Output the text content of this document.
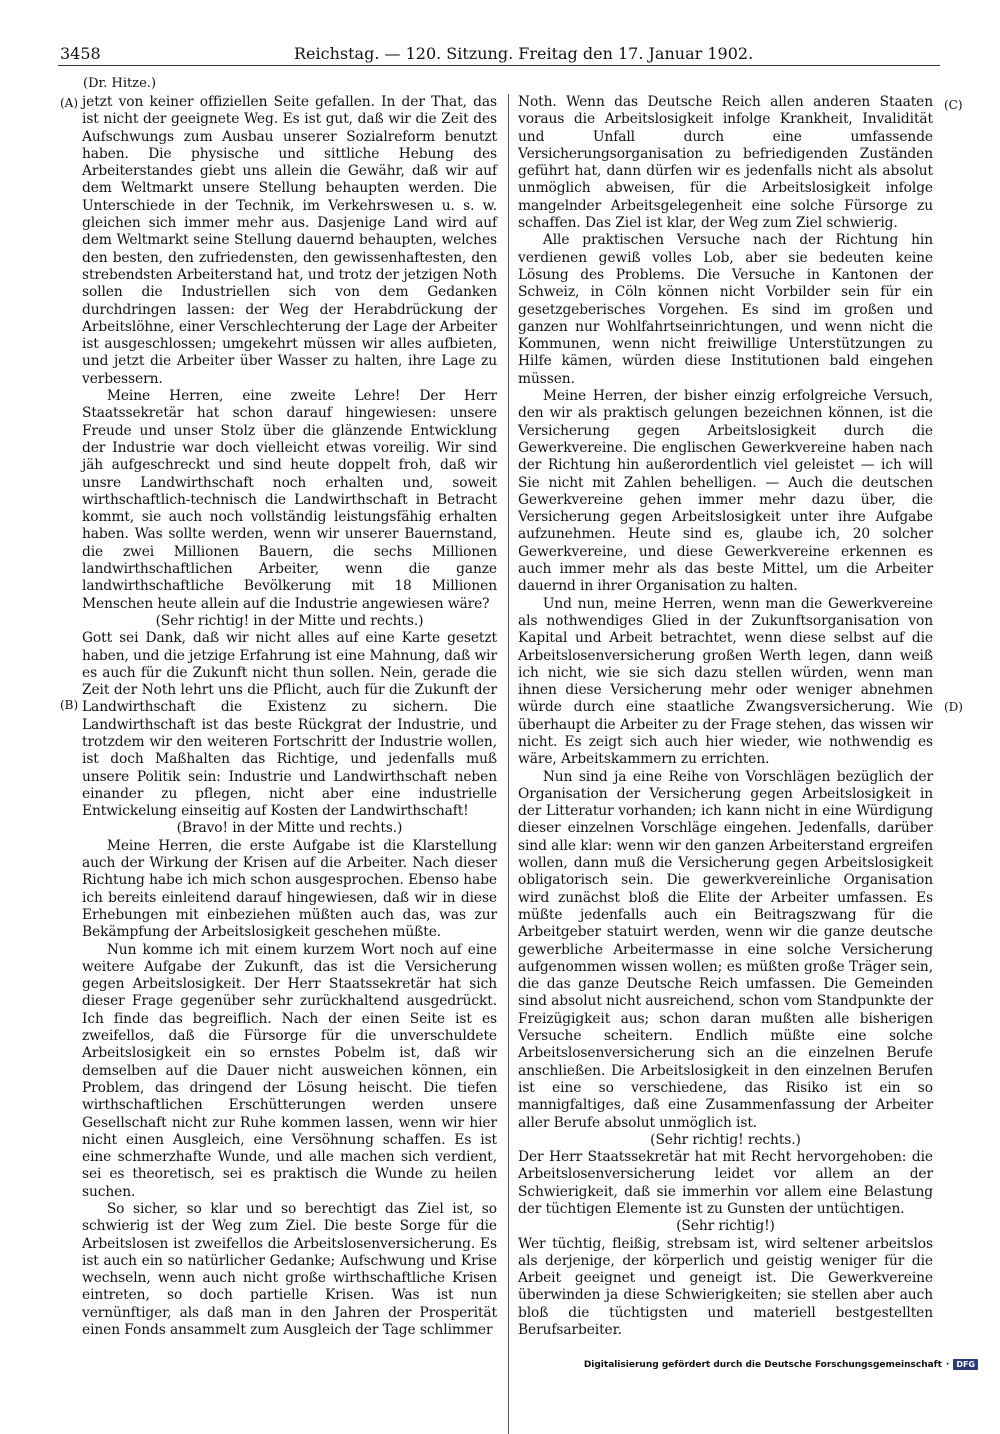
3458	Reichstag. — 120. Sitzung. Freitag den 17. Januar 1902.
(Dr. Hitze.)
(A)
(B)
(C)
(D)

jetzt von keiner offiziellen Seite gefallen. In der That, das ist nicht der geeignete Weg. Es ist gut, daß wir die Zeit des Aufschwungs zum Ausbau unserer Sozialreform benutzt haben. Die physische und sittliche Hebung des Arbeiterstandes giebt uns allein die Gewähr, daß wir auf dem Weltmarkt unsere Stellung behaupten werden. Die Unterschiede in der Technik, im Verkehrswesen u. s. w. gleichen sich immer mehr aus. Dasjenige Land wird auf dem Weltmarkt seine Stellung dauernd behaupten, welches den besten, den zufriedensten, den gewissenhaftesten, den strebendsten Arbeiterstand hat, und trotz der jetzigen Noth sollen die Industriellen sich von dem Gedanken durchdringen lassen: der Weg der Herabdrückung der Arbeitslöhne, einer Verschlechterung der Lage der Arbeiter ist ausgeschlossen; umgekehrt müssen wir alles aufbieten, und jetzt die Arbeiter über Wasser zu halten, ihre Lage zu verbessern.

Meine Herren, eine zweite Lehre! Der Herr Staatssekretär hat schon darauf hingewiesen: unsere Freude und unser Stolz über die glänzende Entwicklung der Industrie war doch vielleicht etwas voreilig. Wir sind jäh aufgeschreckt und sind heute doppelt froh, daß wir unsre Landwirthschaft noch erhalten und, soweit wirthschaftlich-technisch die Landwirthschaft in Betracht kommt, sie auch noch vollständig leistungsfähig erhalten haben. Was sollte werden, wenn wir unserer Bauernstand, die zwei Millionen Bauern, die sechs Millionen landwirthschaftlichen Arbeiter, wenn die ganze landwirthschaftliche Bevölkerung mit 18 Millionen Menschen heute allein auf die Industrie angewiesen wäre?

(Sehr richtig! in der Mitte und rechts.)

Gott sei Dank, daß wir nicht alles auf eine Karte gesetzt haben, und die jetzige Erfahrung ist eine Mahnung, daß wir es auch für die Zukunft nicht thun sollen. Nein, gerade die Zeit der Noth lehrt uns die Pflicht, auch für die Zukunft der Landwirthschaft die Existenz zu sichern. Die Landwirthschaft ist das beste Rückgrat der Industrie, und trotzdem wir den weiteren Fortschritt der Industrie wollen, ist doch Maßhalten das Richtige, und jedenfalls muß unsere Politik sein: Industrie und Landwirthschaft neben einander zu pflegen, nicht aber eine industrielle Entwickelung einseitig auf Kosten der Landwirthschaft!

(Bravo! in der Mitte und rechts.)

Meine Herren, die erste Aufgabe ist die Klarstellung auch der Wirkung der Krisen auf die Arbeiter. Nach dieser Richtung habe ich mich schon ausgesprochen. Ebenso habe ich bereits einleitend darauf hingewiesen, daß wir in diese Erhebungen mit einbeziehen müßten auch das, was zur Bekämpfung der Arbeitslosigkeit geschehen müßte.

Nun komme ich mit einem kurzem Wort noch auf eine weitere Aufgabe der Zukunft, das ist die Versicherung gegen Arbeitslosigkeit. Der Herr Staatssekretär hat sich dieser Frage gegenüber sehr zurückhaltend ausgedrückt. Ich finde das begreiflich. Nach der einen Seite ist es zweifellos, daß die Fürsorge für die unverschuldete Arbeitslosigkeit ein so ernstes Pobelm ist, daß wir demselben auf die Dauer nicht ausweichen können, ein Problem, das dringend der Lösung heischt. Die tiefen wirthschaftlichen Erschütterungen werden unsere Gesellschaft nicht zur Ruhe kommen lassen, wenn wir hier nicht einen Ausgleich, eine Versöhnung schaffen. Es ist eine schmerzhafte Wunde, und alle machen sich verdient, sei es theoretisch, sei es praktisch die Wunde zu heilen suchen.

So sicher, so klar und so berechtigt das Ziel ist, so schwierig ist der Weg zum Ziel. Die beste Sorge für die Arbeitslosen ist zweifellos die Arbeitslosenversicherung. Es ist auch ein so natürlicher Gedanke; Aufschwung und Krise wechseln, wenn auch nicht große wirthschaftliche Krisen eintreten, so doch partielle Krisen. Was ist nun vernünftiger, als daß man in den Jahren der Prosperität einen Fonds ansammelt zum Ausgleich der Tage schlimmer

Noth. Wenn das Deutsche Reich allen anderen Staaten voraus die Arbeitslosigkeit infolge Krankheit, Invalidität und Unfall durch eine umfassende Versicherungsorganisation zu befriedigenden Zuständen geführt hat, dann dürfen wir es jedenfalls nicht als absolut unmöglich abweisen, für die Arbeitslosigkeit infolge mangelnder Arbeitsgelegenheit eine solche Fürsorge zu schaffen. Das Ziel ist klar, der Weg zum Ziel schwierig.

Alle praktischen Versuche nach der Richtung hin verdienen gewiß volles Lob, aber sie bedeuten keine Lösung des Problems. Die Versuche in Kantonen der Schweiz, in Cöln können nicht Vorbilder sein für ein gesetzgeberisches Vorgehen. Es sind im großen und ganzen nur Wohlfahrtseinrichtungen, und wenn nicht die Kommunen, wenn nicht freiwillige Unterstützungen zu Hilfe kämen, würden diese Institutionen bald eingehen müssen.

Meine Herren, der bisher einzig erfolgreiche Versuch, den wir als praktisch gelungen bezeichnen können, ist die Versicherung gegen Arbeitslosigkeit durch die Gewerkvereine. Die englischen Gewerkvereine haben nach der Richtung hin außerordentlich viel geleistet — ich will Sie nicht mit Zahlen behelligen. — Auch die deutschen Gewerkvereine gehen immer mehr dazu über, die Versicherung gegen Arbeitslosigkeit unter ihre Aufgabe aufzunehmen. Heute sind es, glaube ich, 20 solcher Gewerkvereine, und diese Gewerkvereine erkennen es auch immer mehr als das beste Mittel, um die Arbeiter dauernd in ihrer Organisation zu halten.

Und nun, meine Herren, wenn man die Gewerkvereine als nothwendiges Glied in der Zukunftsorganisation von Kapital und Arbeit betrachtet, wenn diese selbst auf die Arbeitslosenversicherung großen Werth legen, dann weiß ich nicht, wie sie sich dazu stellen würden, wenn man ihnen diese Versicherung mehr oder weniger abnehmen würde durch eine staatliche Zwangsversicherung. Wie überhaupt die Arbeiter zu der Frage stehen, das wissen wir nicht. Es zeigt sich auch hier wieder, wie nothwendig es wäre, Arbeitskammern zu errichten.

Nun sind ja eine Reihe von Vorschlägen bezüglich der Organisation der Versicherung gegen Arbeitslosigkeit in der Litteratur vorhanden; ich kann nicht in eine Würdigung dieser einzelnen Vorschläge eingehen. Jedenfalls, darüber sind alle klar: wenn wir den ganzen Arbeiterstand ergreifen wollen, dann muß die Versicherung gegen Arbeitslosigkeit obligatorisch sein. Die gewerkvereinliche Organisation wird zunächst bloß die Elite der Arbeiter umfassen. Es müßte jedenfalls auch ein Beitragszwang für die Arbeitgeber statuirt werden, wenn wir die ganze deutsche gewerbliche Arbeitermasse in eine solche Versicherung aufgenommen wissen wollen; es müßten große Träger sein, die das ganze Deutsche Reich umfassen. Die Gemeinden sind absolut nicht ausreichend, schon vom Standpunkte der Freizügigkeit aus; schon daran mußten alle bisherigen Versuche scheitern. Endlich müßte eine solche Arbeitslosenversicherung sich an die einzelnen Berufe anschließen. Die Arbeitslosigkeit in den einzelnen Berufen ist eine so verschiedene, das Risiko ist ein so mannigfaltiges, daß eine Zusammenfassung der Arbeiter aller Berufe absolut unmöglich ist.

(Sehr richtig! rechts.)

Der Herr Staatssekretär hat mit Recht hervorgehoben: die Arbeitslosenversicherung leidet vor allem an der Schwierigkeit, daß sie immerhin vor allem eine Belastung der tüchtigen Elemente ist zu Gunsten der untüchtigen.

(Sehr richtig!)

Wer tüchtig, fleißig, strebsam ist, wird seltener arbeitslos als derjenige, der körperlich und geistig weniger für die Arbeit geeignet und geneigt ist. Die Gewerkvereine überwinden ja diese Schwierigkeiten; sie stellen aber auch bloß die tüchtigsten und materiell bestgestellten Berufsarbeiter.

Digitalisierung gefördert durch die Deutsche Forschungsgemeinschaft · DFG
